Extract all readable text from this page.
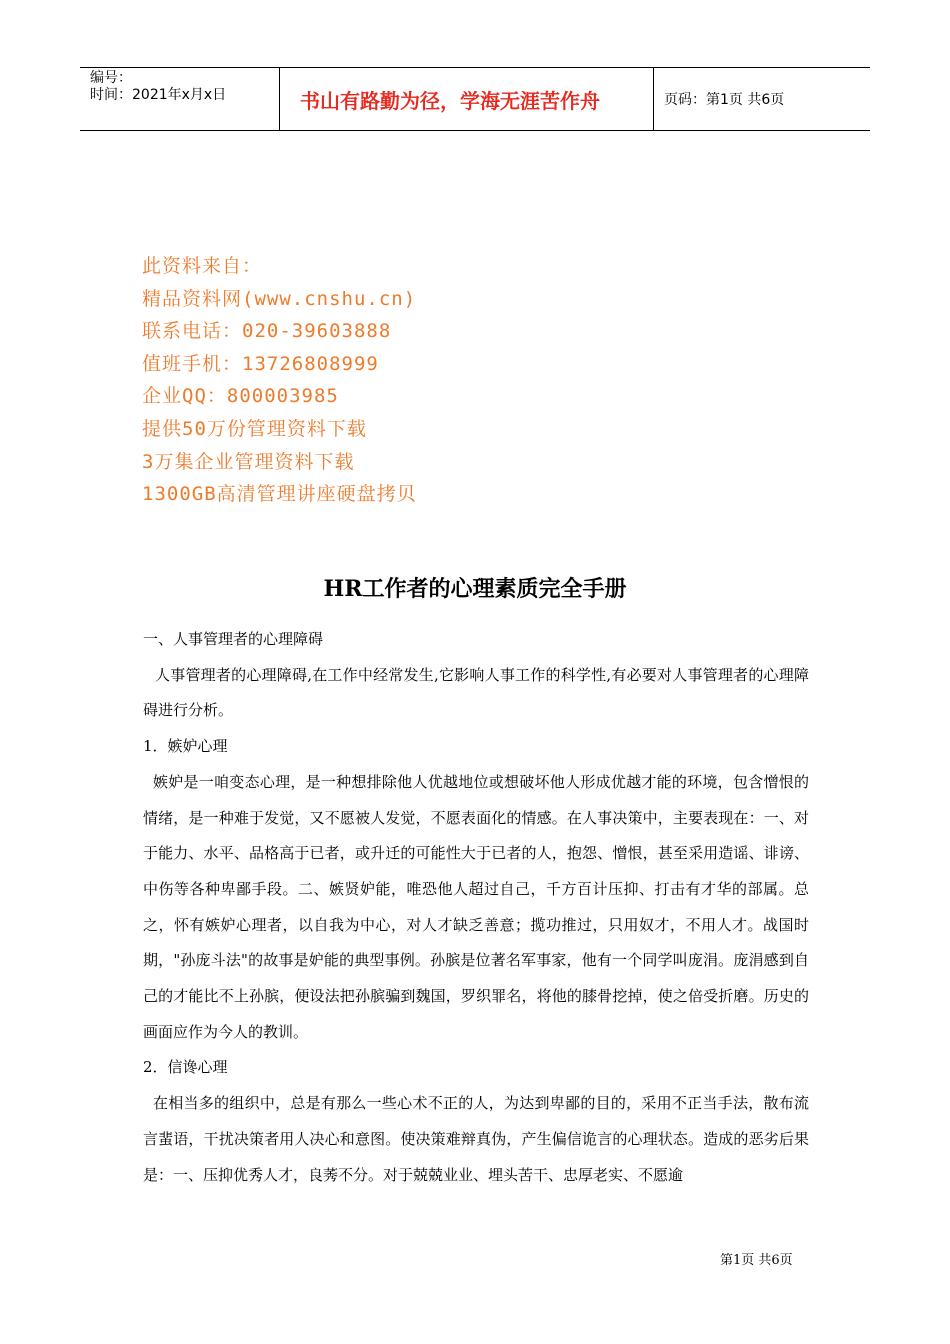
编号：
时间：2021年x月x日	书山有路勤为径，学海无涯苦作舟	页码：第1页 共6页
此资料来自：
精品资料网(www.cnshu.cn)
联系电话：020-39603888
值班手机：13726808999
企业QQ：800003985
提供50万份管理资料下载
3万集企业管理资料下载
1300GB高清管理讲座硬盘拷贝
HR工作者的心理素质完全手册

一、人事管理者的心理障碍

人事管理者的心理障碍,在工作中经常发生,它影响人事工作的科学性,有必要对人事管理者的心理障碍进行分析。

1．嫉妒心理

嫉妒是一咱变态心理，是一种想排除他人优越地位或想破坏他人形成优越才能的环境，包含憎恨的情绪，是一种难于发觉，又不愿被人发觉，不愿表面化的情感。在人事决策中，主要表现在：一、对于能力、水平、品格高于已者，或升迁的可能性大于已者的人，抱怨、憎恨，甚至采用造谣、诽谤、中伤等各种卑鄙手段。二、嫉贤妒能，唯恐他人超过自己，千方百计压抑、打击有才华的部属。总之，怀有嫉妒心理者，以自我为中心，对人才缺乏善意；揽功推过，只用奴才，不用人才。战国时期，"孙庞斗法"的故事是妒能的典型事例。孙膑是位著名军事家，他有一个同学叫庞涓。庞涓感到自己的才能比不上孙膑，便设法把孙膑骗到魏国，罗织罪名，将他的膝骨挖掉，使之倍受折磨。历史的画面应作为今人的教训。

2．信谗心理

在相当多的组织中，总是有那么一些心术不正的人，为达到卑鄙的目的，采用不正当手法，散布流言蜚语，干扰决策者用人决心和意图。使决策难辩真伪，产生偏信诡言的心理状态。造成的恶劣后果是：一、压抑优秀人才，良莠不分。对于兢兢业业、埋头苦干、忠厚老实、不愿逾

第1页 共6页
